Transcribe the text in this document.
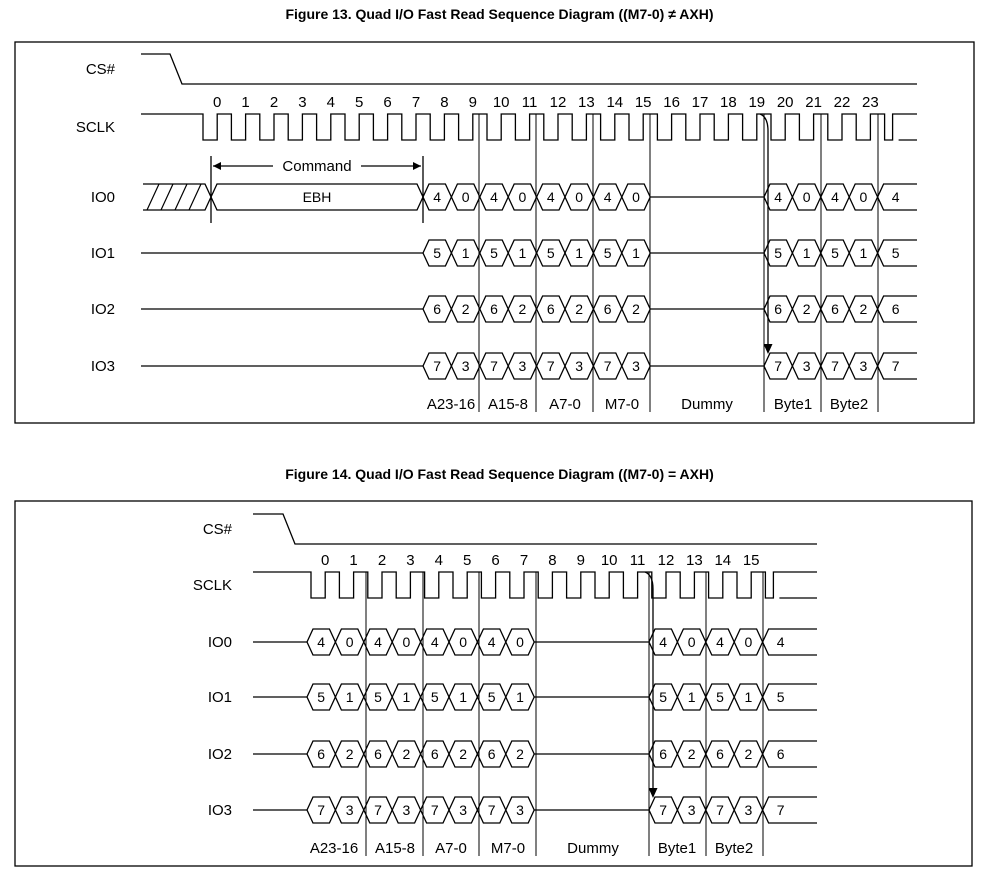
Figure 13. Quad I/O Fast Read Sequence Diagram ((M7-0) ≠ AXH)
Figure 14. Quad I/O Fast Read Sequence Diagram ((M7-0) = AXH)
CS#
SCLK
IO0
IO1
IO2
IO3
0 1 2 3 4 5 6 7 8 9 10 11 12 13 14 15 16 17 18 19 20 21 22 23
EBH
Command
4 0 4 0 4 0 4 0	4 0 4 0 4
5 1 5 1 5 1 5 1	5 1 5 1 5
6 2 6 2 6 2 6 2	6 2 6 2 6
7 3 7 3 7 3 7 3	7 3 7 3 7
A23-16 A15-8 A7-0 M7-0	Dummy	Byte1 Byte2
CS#
SCLK
IO0
IO1
IO2
IO3
0 1 2 3 4 5 6 7 8 9 10 11 12 13 14 15
4 0 4 0 4 0 4 0	4 0 4 0 4
5 1 5 1 5 1 5 1	5 1 5 1 5
6 2 6 2 6 2 6 2	6 2 6 2 6
7 3 7 3 7 3 7 3	7 3 7 3 7
A23-16 A15-8 A7-0 M7-0	Dummy	Byte1 Byte2
